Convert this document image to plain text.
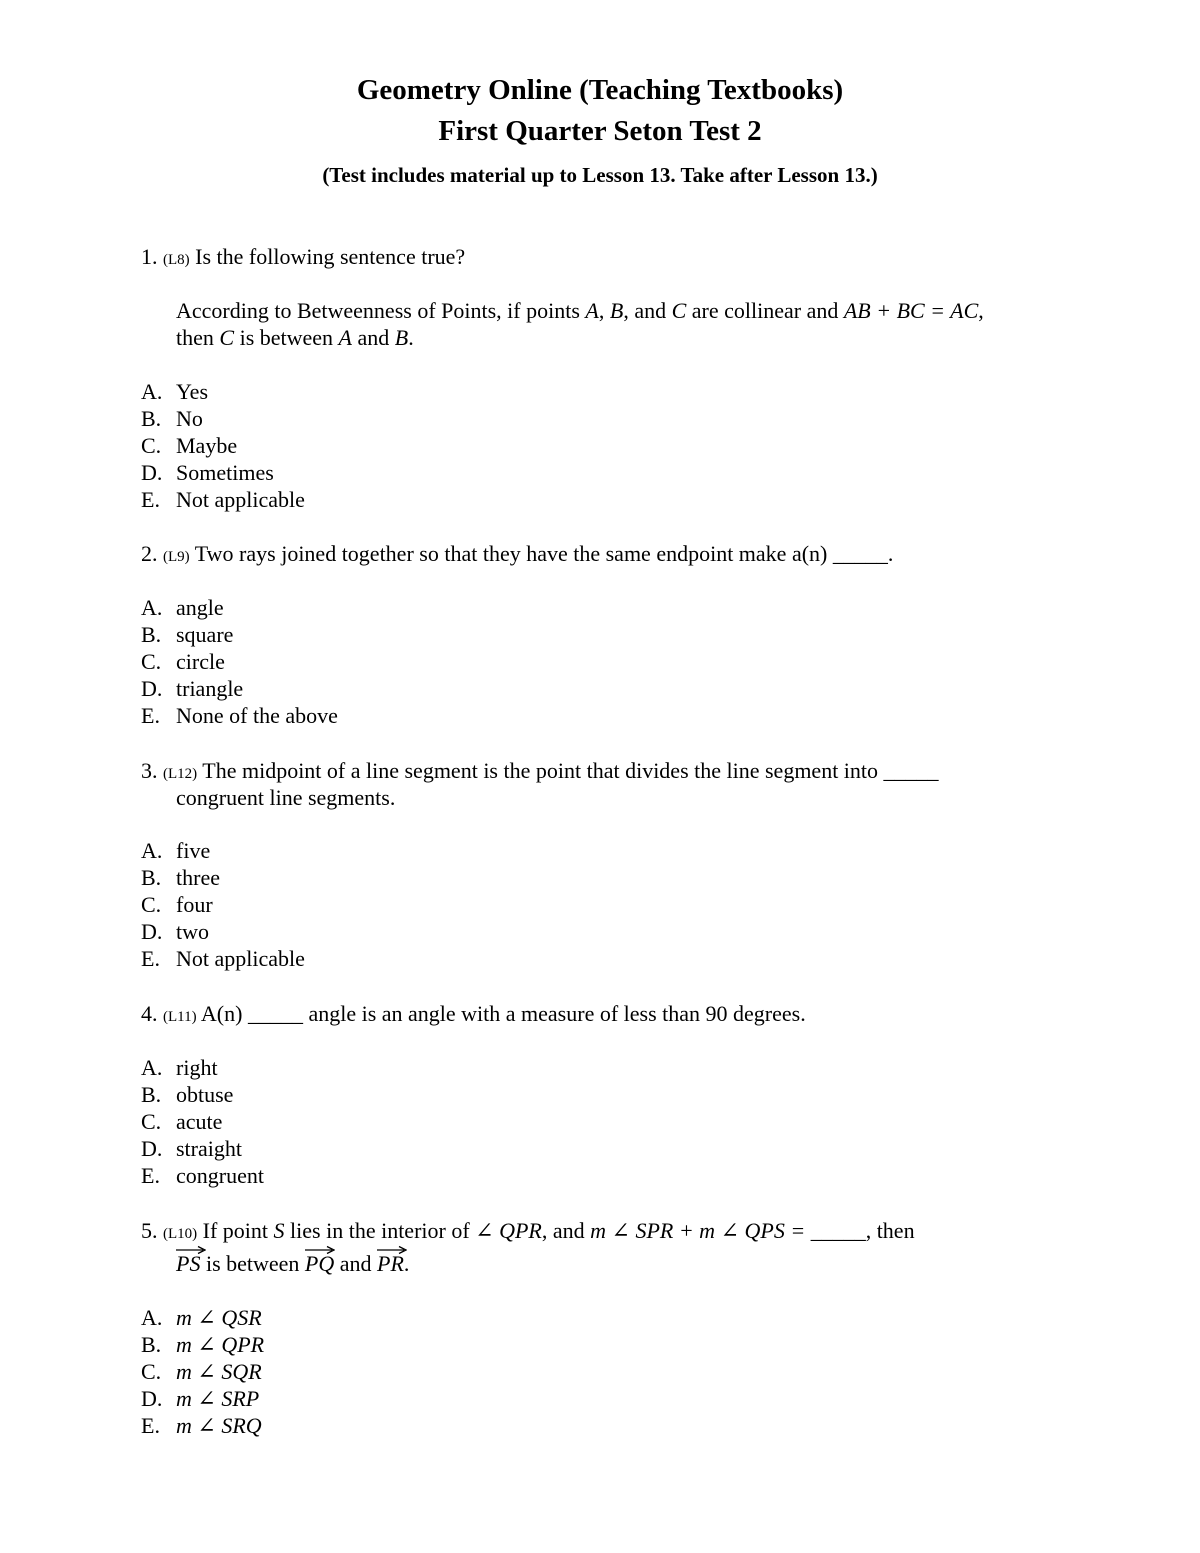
Geometry Online (Teaching Textbooks)
First Quarter Seton Test 2
(Test includes material up to Lesson 13. Take after Lesson 13.)
1. (L8) Is the following sentence true?
According to Betweenness of Points, if points A, B, and C are collinear and AB + BC = AC,
then C is between A and B.
A. Yes
B. No
C. Maybe
D. Sometimes
E. Not applicable
2. (L9) Two rays joined together so that they have the same endpoint make a(n) _____.
A. angle
B. square
C. circle
D. triangle
E. None of the above
3. (L12) The midpoint of a line segment is the point that divides the line segment into _____
congruent line segments.
A. five
B. three
C. four
D. two
E. Not applicable
4. (L11) A(n) _____ angle is an angle with a measure of less than 90 degrees.
A. right
B. obtuse
C. acute
D. straight
E. congruent
5. (L10) If point S lies in the interior of ∠ QPR, and m ∠ SPR + m ∠ QPS = _____, then
PS is between
PQ and
PR.
A. m ∠ QSR
B. m ∠ QPR
C. m ∠ SQR
D. m ∠ SRP
E. m ∠ SRQ
